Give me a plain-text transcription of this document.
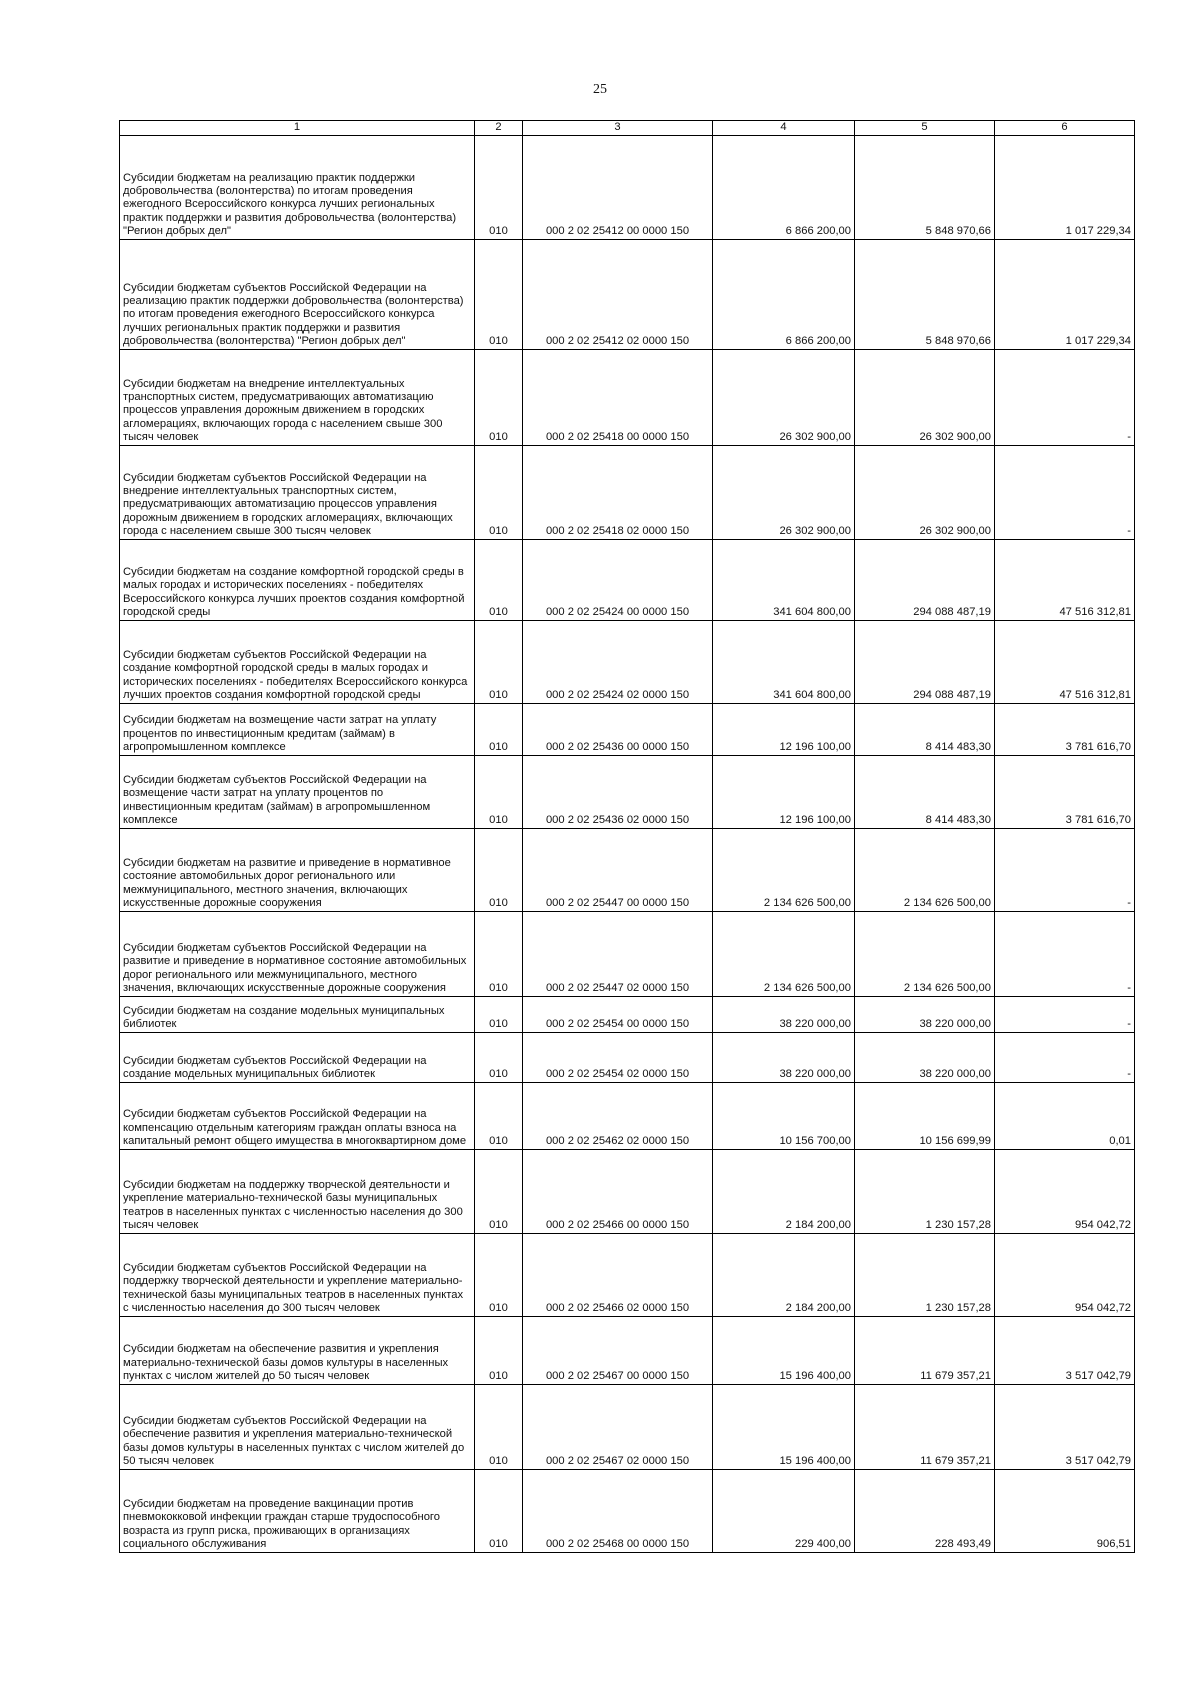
25
1	2	3	4	5	6
Субсидии бюджетам на реализацию практик поддержки добровольчества (волонтерства) по итогам проведения ежегодного Всероссийского конкурса лучших региональных практик поддержки и развития добровольчества (волонтерства) "Регион добрых дел"	010	000 2 02 25412 00 0000 150	6 866 200,00	5 848 970,66	1 017 229,34
Субсидии бюджетам субъектов Российской Федерации на реализацию практик поддержки добровольчества (волонтерства) по итогам проведения ежегодного Всероссийского конкурса лучших региональных практик поддержки и развития добровольчества (волонтерства) "Регион добрых дел"	010	000 2 02 25412 02 0000 150	6 866 200,00	5 848 970,66	1 017 229,34
Субсидии бюджетам на внедрение интеллектуальных транспортных систем, предусматривающих автоматизацию процессов управления дорожным движением в городских агломерациях, включающих города с населением свыше 300 тысяч человек	010	000 2 02 25418 00 0000 150	26 302 900,00	26 302 900,00	-
Субсидии бюджетам субъектов Российской Федерации на внедрение интеллектуальных транспортных систем, предусматривающих автоматизацию процессов управления дорожным движением в городских агломерациях, включающих города с населением свыше 300 тысяч человек	010	000 2 02 25418 02 0000 150	26 302 900,00	26 302 900,00	-
Субсидии бюджетам на создание комфортной городской среды в малых городах и исторических поселениях - победителях Всероссийского конкурса лучших проектов создания комфортной городской среды	010	000 2 02 25424 00 0000 150	341 604 800,00	294 088 487,19	47 516 312,81
Субсидии бюджетам субъектов Российской Федерации на создание комфортной городской среды в малых городах и исторических поселениях - победителях Всероссийского конкурса лучших проектов создания комфортной городской среды	010	000 2 02 25424 02 0000 150	341 604 800,00	294 088 487,19	47 516 312,81
Субсидии бюджетам на возмещение части затрат на уплату процентов по инвестиционным кредитам (займам) в агропромышленном комплексе	010	000 2 02 25436 00 0000 150	12 196 100,00	8 414 483,30	3 781 616,70
Субсидии бюджетам субъектов Российской Федерации на возмещение части затрат на уплату процентов по инвестиционным кредитам (займам) в агропромышленном комплексе	010	000 2 02 25436 02 0000 150	12 196 100,00	8 414 483,30	3 781 616,70
Субсидии бюджетам на развитие и приведение в нормативное состояние автомобильных дорог регионального или межмуниципального, местного значения, включающих искусственные дорожные сооружения	010	000 2 02 25447 00 0000 150	2 134 626 500,00	2 134 626 500,00	-
Субсидии бюджетам субъектов Российской Федерации на развитие и приведение в нормативное состояние автомобильных дорог регионального или межмуниципального, местного значения, включающих искусственные дорожные сооружения	010	000 2 02 25447 02 0000 150	2 134 626 500,00	2 134 626 500,00	-
Субсидии бюджетам на создание модельных муниципальных библиотек	010	000 2 02 25454 00 0000 150	38 220 000,00	38 220 000,00	-
Субсидии бюджетам субъектов Российской Федерации на создание модельных муниципальных библиотек	010	000 2 02 25454 02 0000 150	38 220 000,00	38 220 000,00	-
Субсидии бюджетам субъектов Российской Федерации на компенсацию отдельным категориям граждан оплаты взноса на капитальный ремонт общего имущества в многоквартирном доме	010	000 2 02 25462 02 0000 150	10 156 700,00	10 156 699,99	0,01
Субсидии бюджетам на поддержку творческой деятельности и укрепление материально-технической базы муниципальных театров в населенных пунктах с численностью населения до 300 тысяч человек	010	000 2 02 25466 00 0000 150	2 184 200,00	1 230 157,28	954 042,72
Субсидии бюджетам субъектов Российской Федерации на поддержку творческой деятельности и укрепление материально-технической базы муниципальных театров в населенных пунктах с численностью населения до 300 тысяч человек	010	000 2 02 25466 02 0000 150	2 184 200,00	1 230 157,28	954 042,72
Субсидии бюджетам на обеспечение развития и укрепления материально-технической базы домов культуры в населенных пунктах с числом жителей до 50 тысяч человек	010	000 2 02 25467 00 0000 150	15 196 400,00	11 679 357,21	3 517 042,79
Субсидии бюджетам субъектов Российской Федерации на обеспечение развития и укрепления материально-технической базы домов культуры в населенных пунктах с числом жителей до 50 тысяч человек	010	000 2 02 25467 02 0000 150	15 196 400,00	11 679 357,21	3 517 042,79
Субсидии бюджетам на проведение вакцинации против пневмококковой инфекции граждан старше трудоспособного возраста из групп риска, проживающих в организациях социального обслуживания	010	000 2 02 25468 00 0000 150	229 400,00	228 493,49	906,51
